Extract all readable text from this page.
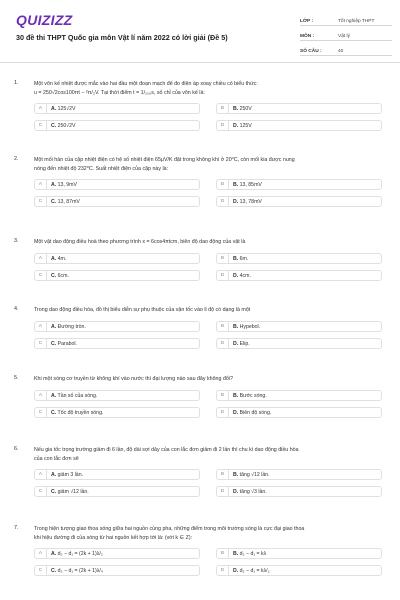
QUIZIZZ
30 đề thi THPT Quốc gia môn Vật lí năm 2022 có lời giải (Đề 5)
LỚP :	Tốt nghiệp THPT
MÔN :	Vật lý
SỐ CÂU :	40
1.	Một vôn kế nhiệt được mắc vào hai đầu một đoạn mạch để đo điện áp xoay chiều có biểu thức:
u = 250√2cos100πt − ²π/₃V. Tại thời điểm t = 1/₁₀₀s, số chỉ của vôn kế là:
A	A. 125√2V	B	B. 250V
C	C. 250√2V	D	D. 125V
2.	Một mối hàn của cặp nhiệt điện có hệ số nhiệt điện 65μV/K đặt trong không khí ở 20⁰C, còn mối kia được nung
nóng đến nhiệt độ 232⁰C. Suất nhiệt điện của cặp này là:
A	A. 13, 9mV	B	B. 13, 85mV
C	C. 13, 87mV	D	D. 13, 78mV
3.	Một vật dao động điều hoà theo phương trình x = 6cos4πtcm, biên độ dao động của vật là
A	A. 4m.	B	B. 6m.
C	C. 6cm.	D	D. 4cm.
4.	Trong dao động điều hòa, đồ thị biểu diễn sự phụ thuộc của vận tốc vào li độ có dạng là một
A	A. Đường tròn.	B	B. Hypebol.
C	C. Parabol.	D	D. Elip.
5.	Khi một sóng cơ truyền từ không khí vào nước thì đại lượng nào sau đây không đổi?
A	A. Tần số của sóng.	B	B. Bước sóng.
C	C. Tốc độ truyền sóng.	D	D. Biên độ sóng.
6.	Nếu gia tốc trọng trường giảm đi 6 lần, độ dài sợi dây của con lắc đơn giảm đi 2 lần thì chu kì dao động điều hòa
của con lắc đơn sẽ
A	A. giảm 3 lần.	B	B. tăng √12 lần.
C	C. giảm √12 lần.	D	D. tăng √3 lần.
7.	Trong hiện tượng giao thoa sóng giữa hai nguồn cùng pha, những điểm trong môi trường sóng là cực đại giao thoa
khi hiệu đường đi của sóng từ hai nguồn kết hợp tới là: (với k ∈ Z):
A	A. d₂ − d₁ = (2k + 1)λ/₂	B	B. d₂ − d₁ = kλ
C	C. d₂ − d₁ = (2k + 1)λ/₄	D	D. d₂ − d₁ = kλ/₂
